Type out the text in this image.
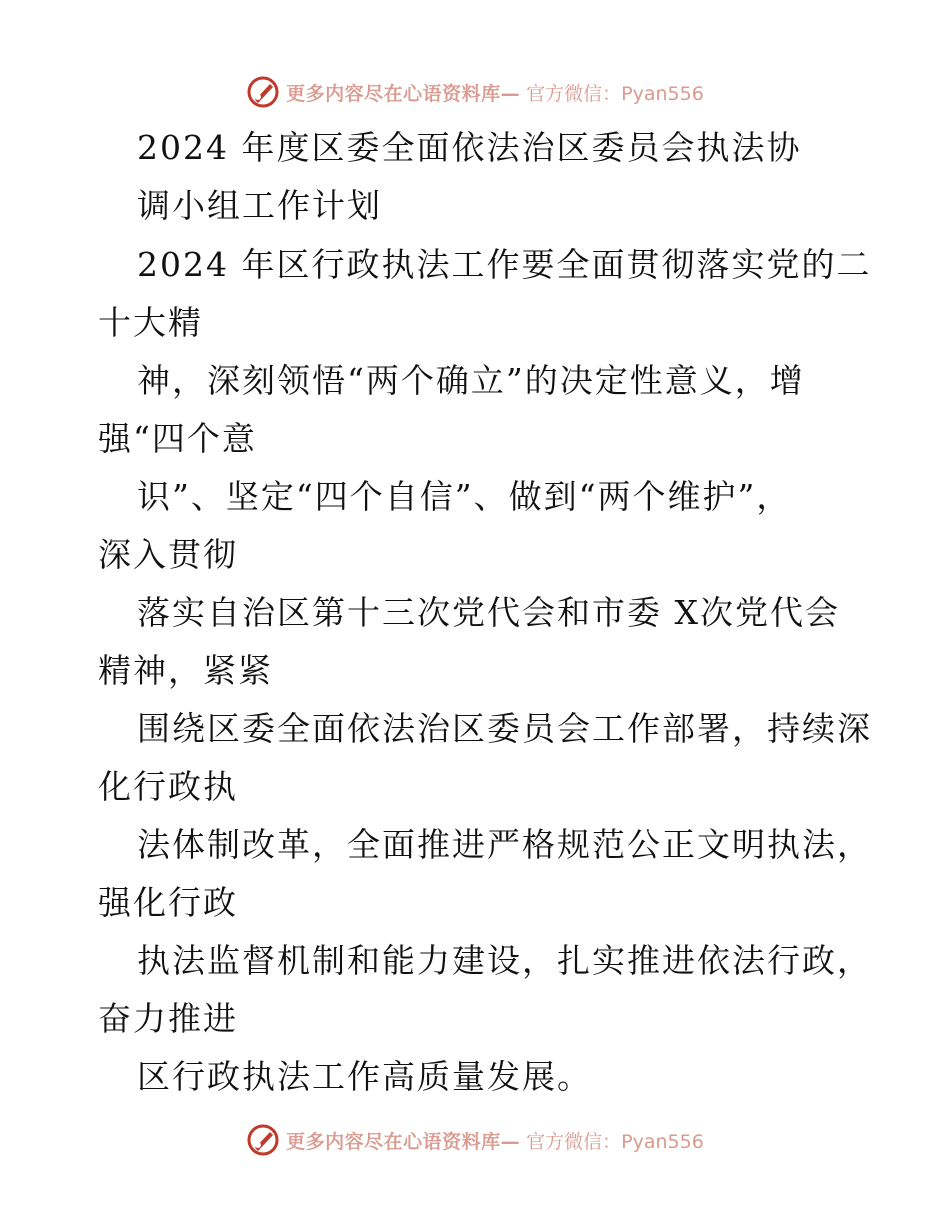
更多内容尽在心语资料库— 官方微信：Pyan556
2024 年度区委全面依法治区委员会执法协
调小组工作计划
2024 年区行政执法工作要全面贯彻落实党的二
十大精
神，深刻领悟“两个确立”的决定性意义，增
强“四个意
识”、坚定“四个自信”、做到“两个维护”，
深入贯彻
落实自治区第十三次党代会和市委 X次党代会
精神，紧紧
围绕区委全面依法治区委员会工作部署，持续深
化行政执
法体制改革，全面推进严格规范公正文明执法，
强化行政
执法监督机制和能力建设，扎实推进依法行政，
奋力推进
区行政执法工作高质量发展。
更多内容尽在心语资料库— 官方微信：Pyan556
